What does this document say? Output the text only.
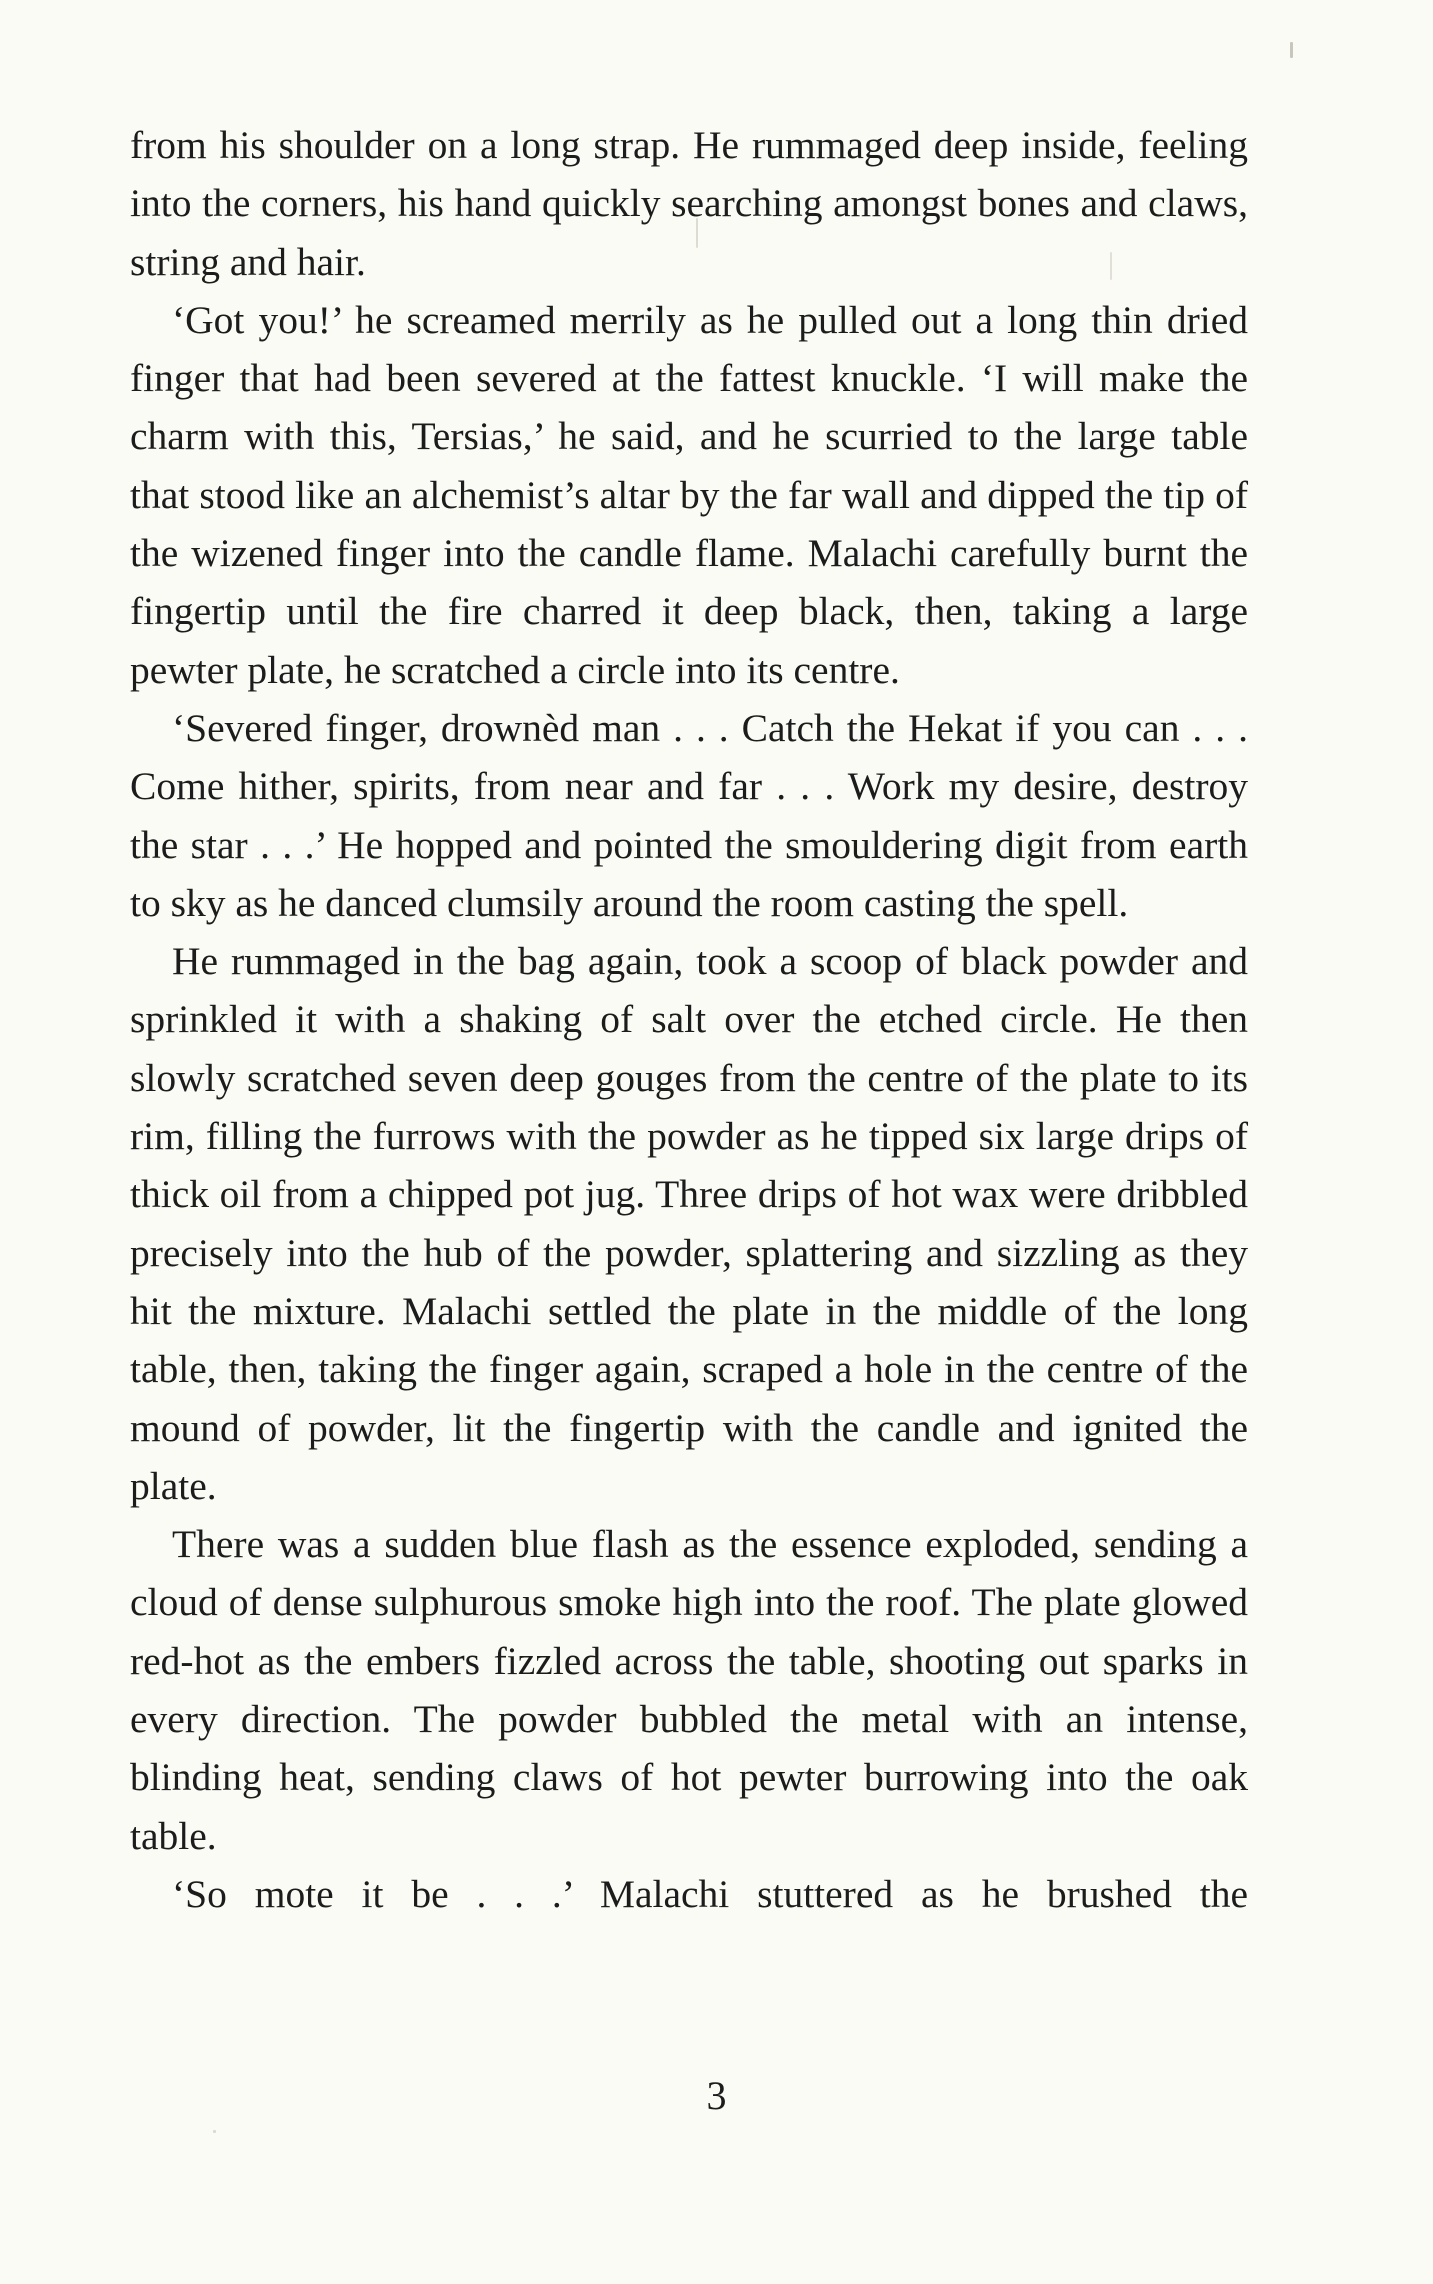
from his shoulder on a long strap. He rummaged deep inside, feeling into the corners, his hand quickly searching amongst bones and claws, string and hair.

‘Got you!’ he screamed merrily as he pulled out a long thin dried finger that had been severed at the fattest knuckle. ‘I will make the charm with this, Tersias,’ he said, and he scurried to the large table that stood like an alchemist’s altar by the far wall and dipped the tip of the wizened finger into the candle flame. Malachi carefully burnt the fingertip until the fire charred it deep black, then, taking a large pewter plate, he scratched a circle into its centre.

‘Severed finger, drownèd man . . . Catch the Hekat if you can . . . Come hither, spirits, from near and far . . . Work my desire, destroy the star . . .’ He hopped and pointed the smouldering digit from earth to sky as he danced clumsily around the room casting the spell.

He rummaged in the bag again, took a scoop of black powder and sprinkled it with a shaking of salt over the etched circle. He then slowly scratched seven deep gouges from the centre of the plate to its rim, filling the furrows with the powder as he tipped six large drips of thick oil from a chipped pot jug. Three drips of hot wax were dribbled precisely into the hub of the powder, splattering and sizzling as they hit the mixture. Malachi settled the plate in the middle of the long table, then, taking the finger again, scraped a hole in the centre of the mound of powder, lit the fingertip with the candle and ignited the plate.

There was a sudden blue flash as the essence exploded, sending a cloud of dense sulphurous smoke high into the roof. The plate glowed red-hot as the embers fizzled across the table, shooting out sparks in every direction. The powder bubbled the metal with an intense, blinding heat, sending claws of hot pewter burrowing into the oak table.

‘So mote it be . . .’ Malachi stuttered as he brushed the

3
